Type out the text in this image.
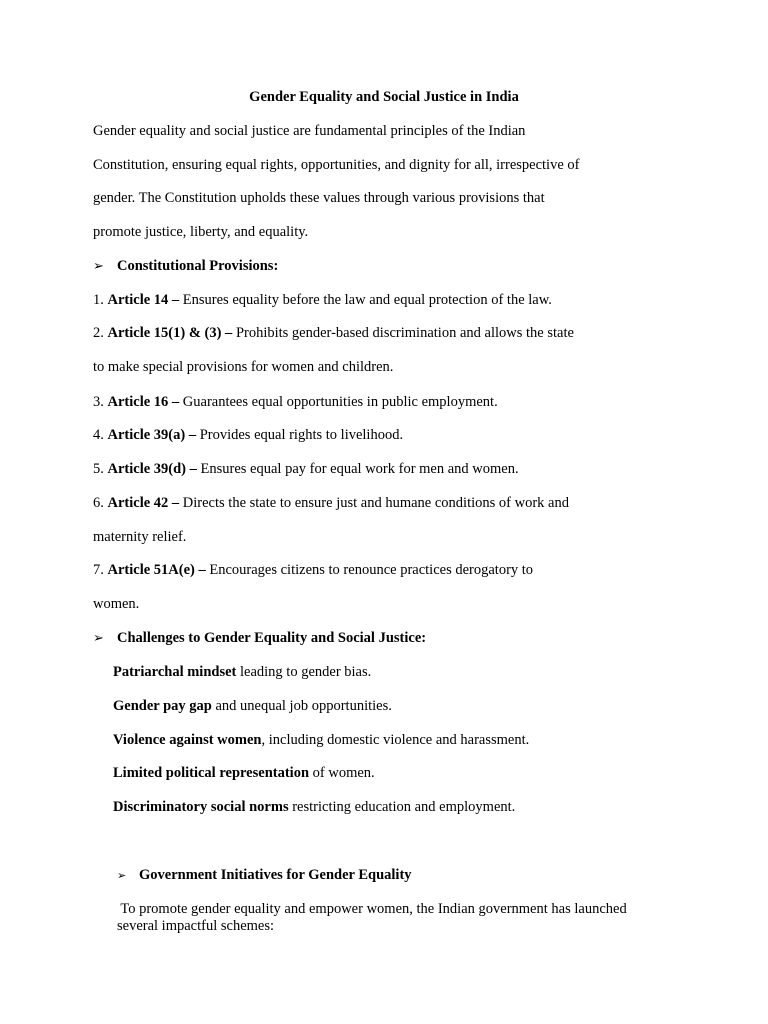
Gender Equality and Social Justice in India
Gender equality and social justice are fundamental principles of the Indian
Constitution, ensuring equal rights, opportunities, and dignity for all, irrespective of
gender. The Constitution upholds these values through various provisions that
promote justice, liberty, and equality.
➢ Constitutional Provisions:
1. Article 14 – Ensures equality before the law and equal protection of the law.
2. Article 15(1) & (3) – Prohibits gender-based discrimination and allows the state
to make special provisions for women and children.
3. Article 16 – Guarantees equal opportunities in public employment.
4. Article 39(a) – Provides equal rights to livelihood.
5. Article 39(d) – Ensures equal pay for equal work for men and women.
6. Article 42 – Directs the state to ensure just and humane conditions of work and
maternity relief.
7. Article 51A(e) – Encourages citizens to renounce practices derogatory to
women.
➢ Challenges to Gender Equality and Social Justice:
Patriarchal mindset leading to gender bias.
Gender pay gap and unequal job opportunities.
Violence against women, including domestic violence and harassment.
Limited political representation of women.
Discriminatory social norms restricting education and employment.
➢ Government Initiatives for Gender Equality
To promote gender equality and empower women, the Indian government has launched
several impactful schemes:
